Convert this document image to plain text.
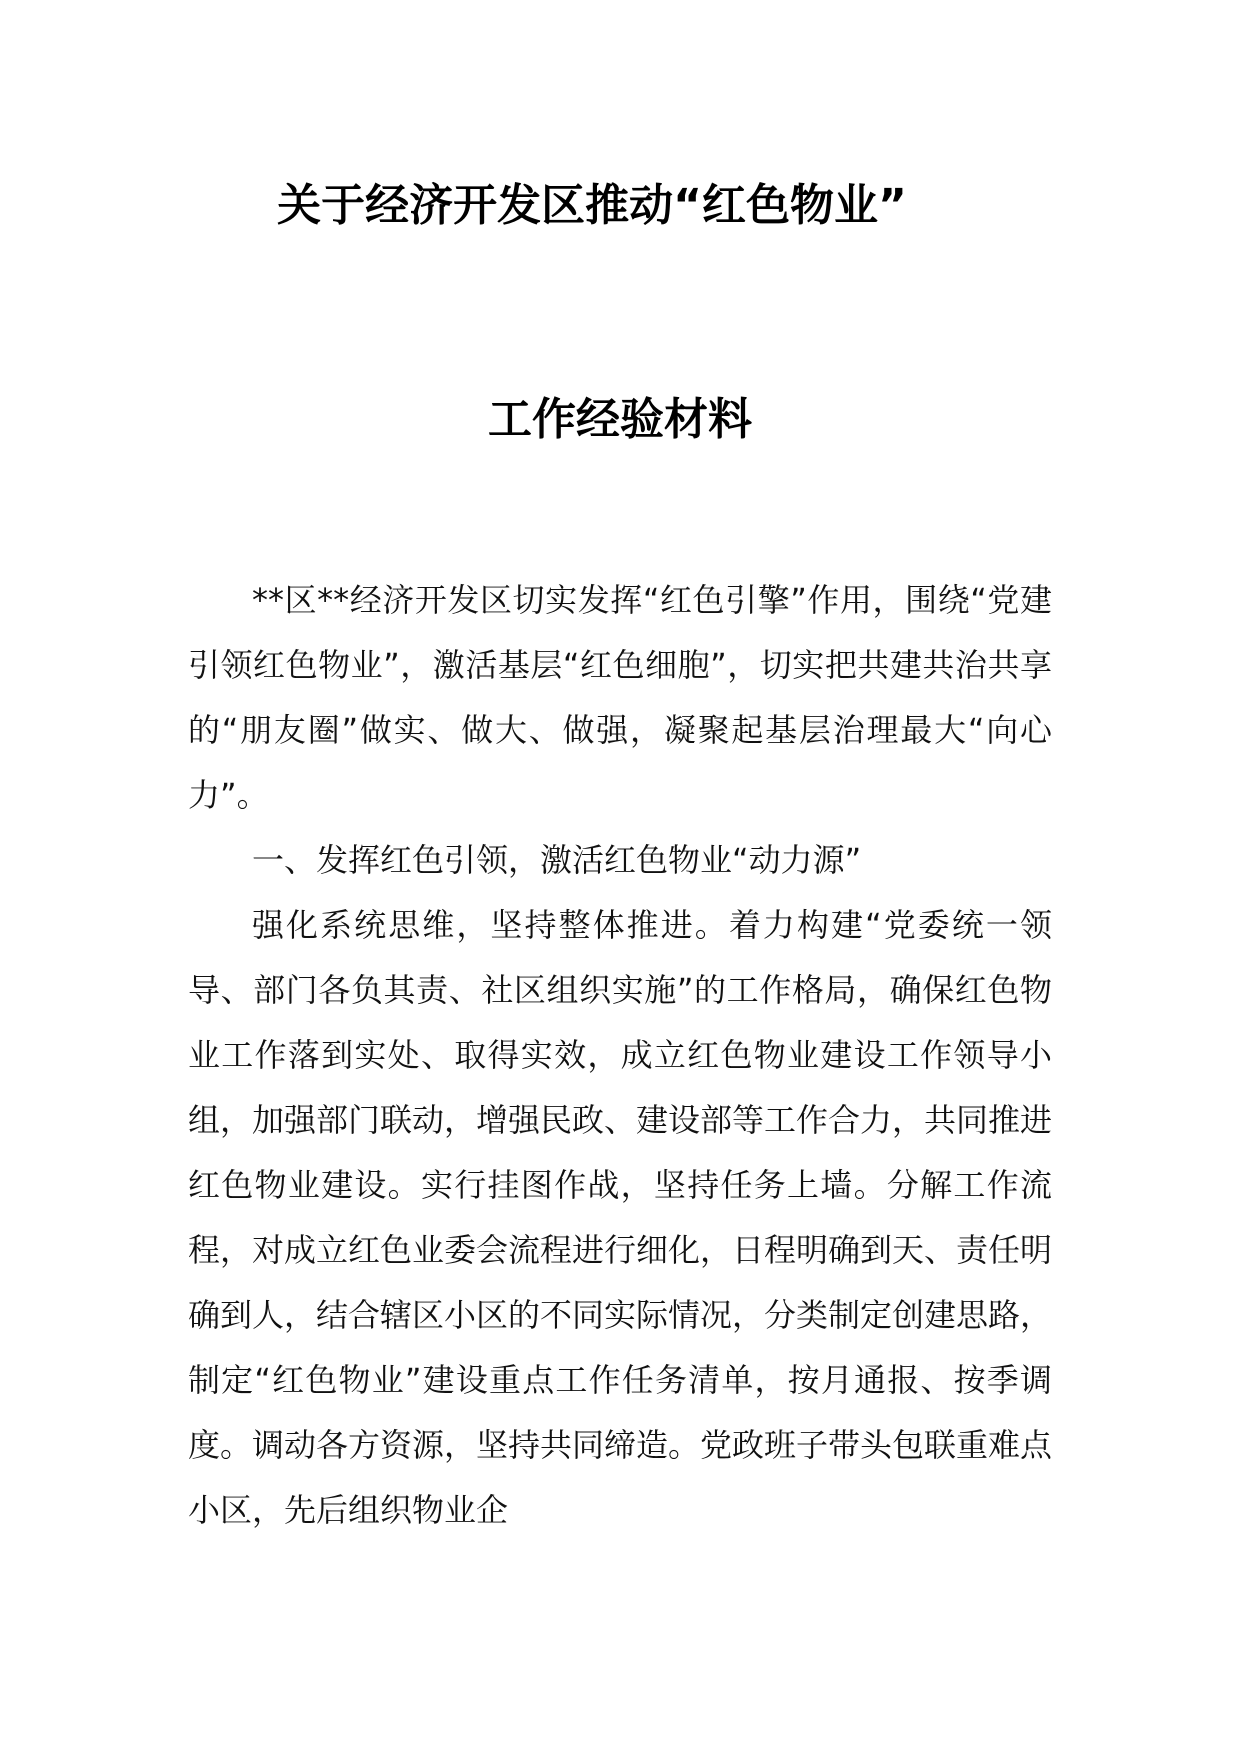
关于经济开发区推动“红色物业”
工作经验材料

**区**经济开发区切实发挥“红色引擎”作用，围绕“党建引领红色物业”，激活基层“红色细胞”，切实把共建共治共享的“朋友圈”做实、做大、做强，凝聚起基层治理最大“向心力”。

一、发挥红色引领，激活红色物业“动力源”

强化系统思维，坚持整体推进。着力构建“党委统一领导、部门各负其责、社区组织实施”的工作格局，确保红色物业工作落到实处、取得实效，成立红色物业建设工作领导小组，加强部门联动，增强民政、建设部等工作合力，共同推进红色物业建设。实行挂图作战，坚持任务上墙。分解工作流程，对成立红色业委会流程进行细化，日程明确到天、责任明确到人，结合辖区小区的不同实际情况，分类制定创建思路，制定“红色物业”建设重点工作任务清单，按月通报、按季调度。调动各方资源，坚持共同缔造。党政班子带头包联重难点小区，先后组织物业企
